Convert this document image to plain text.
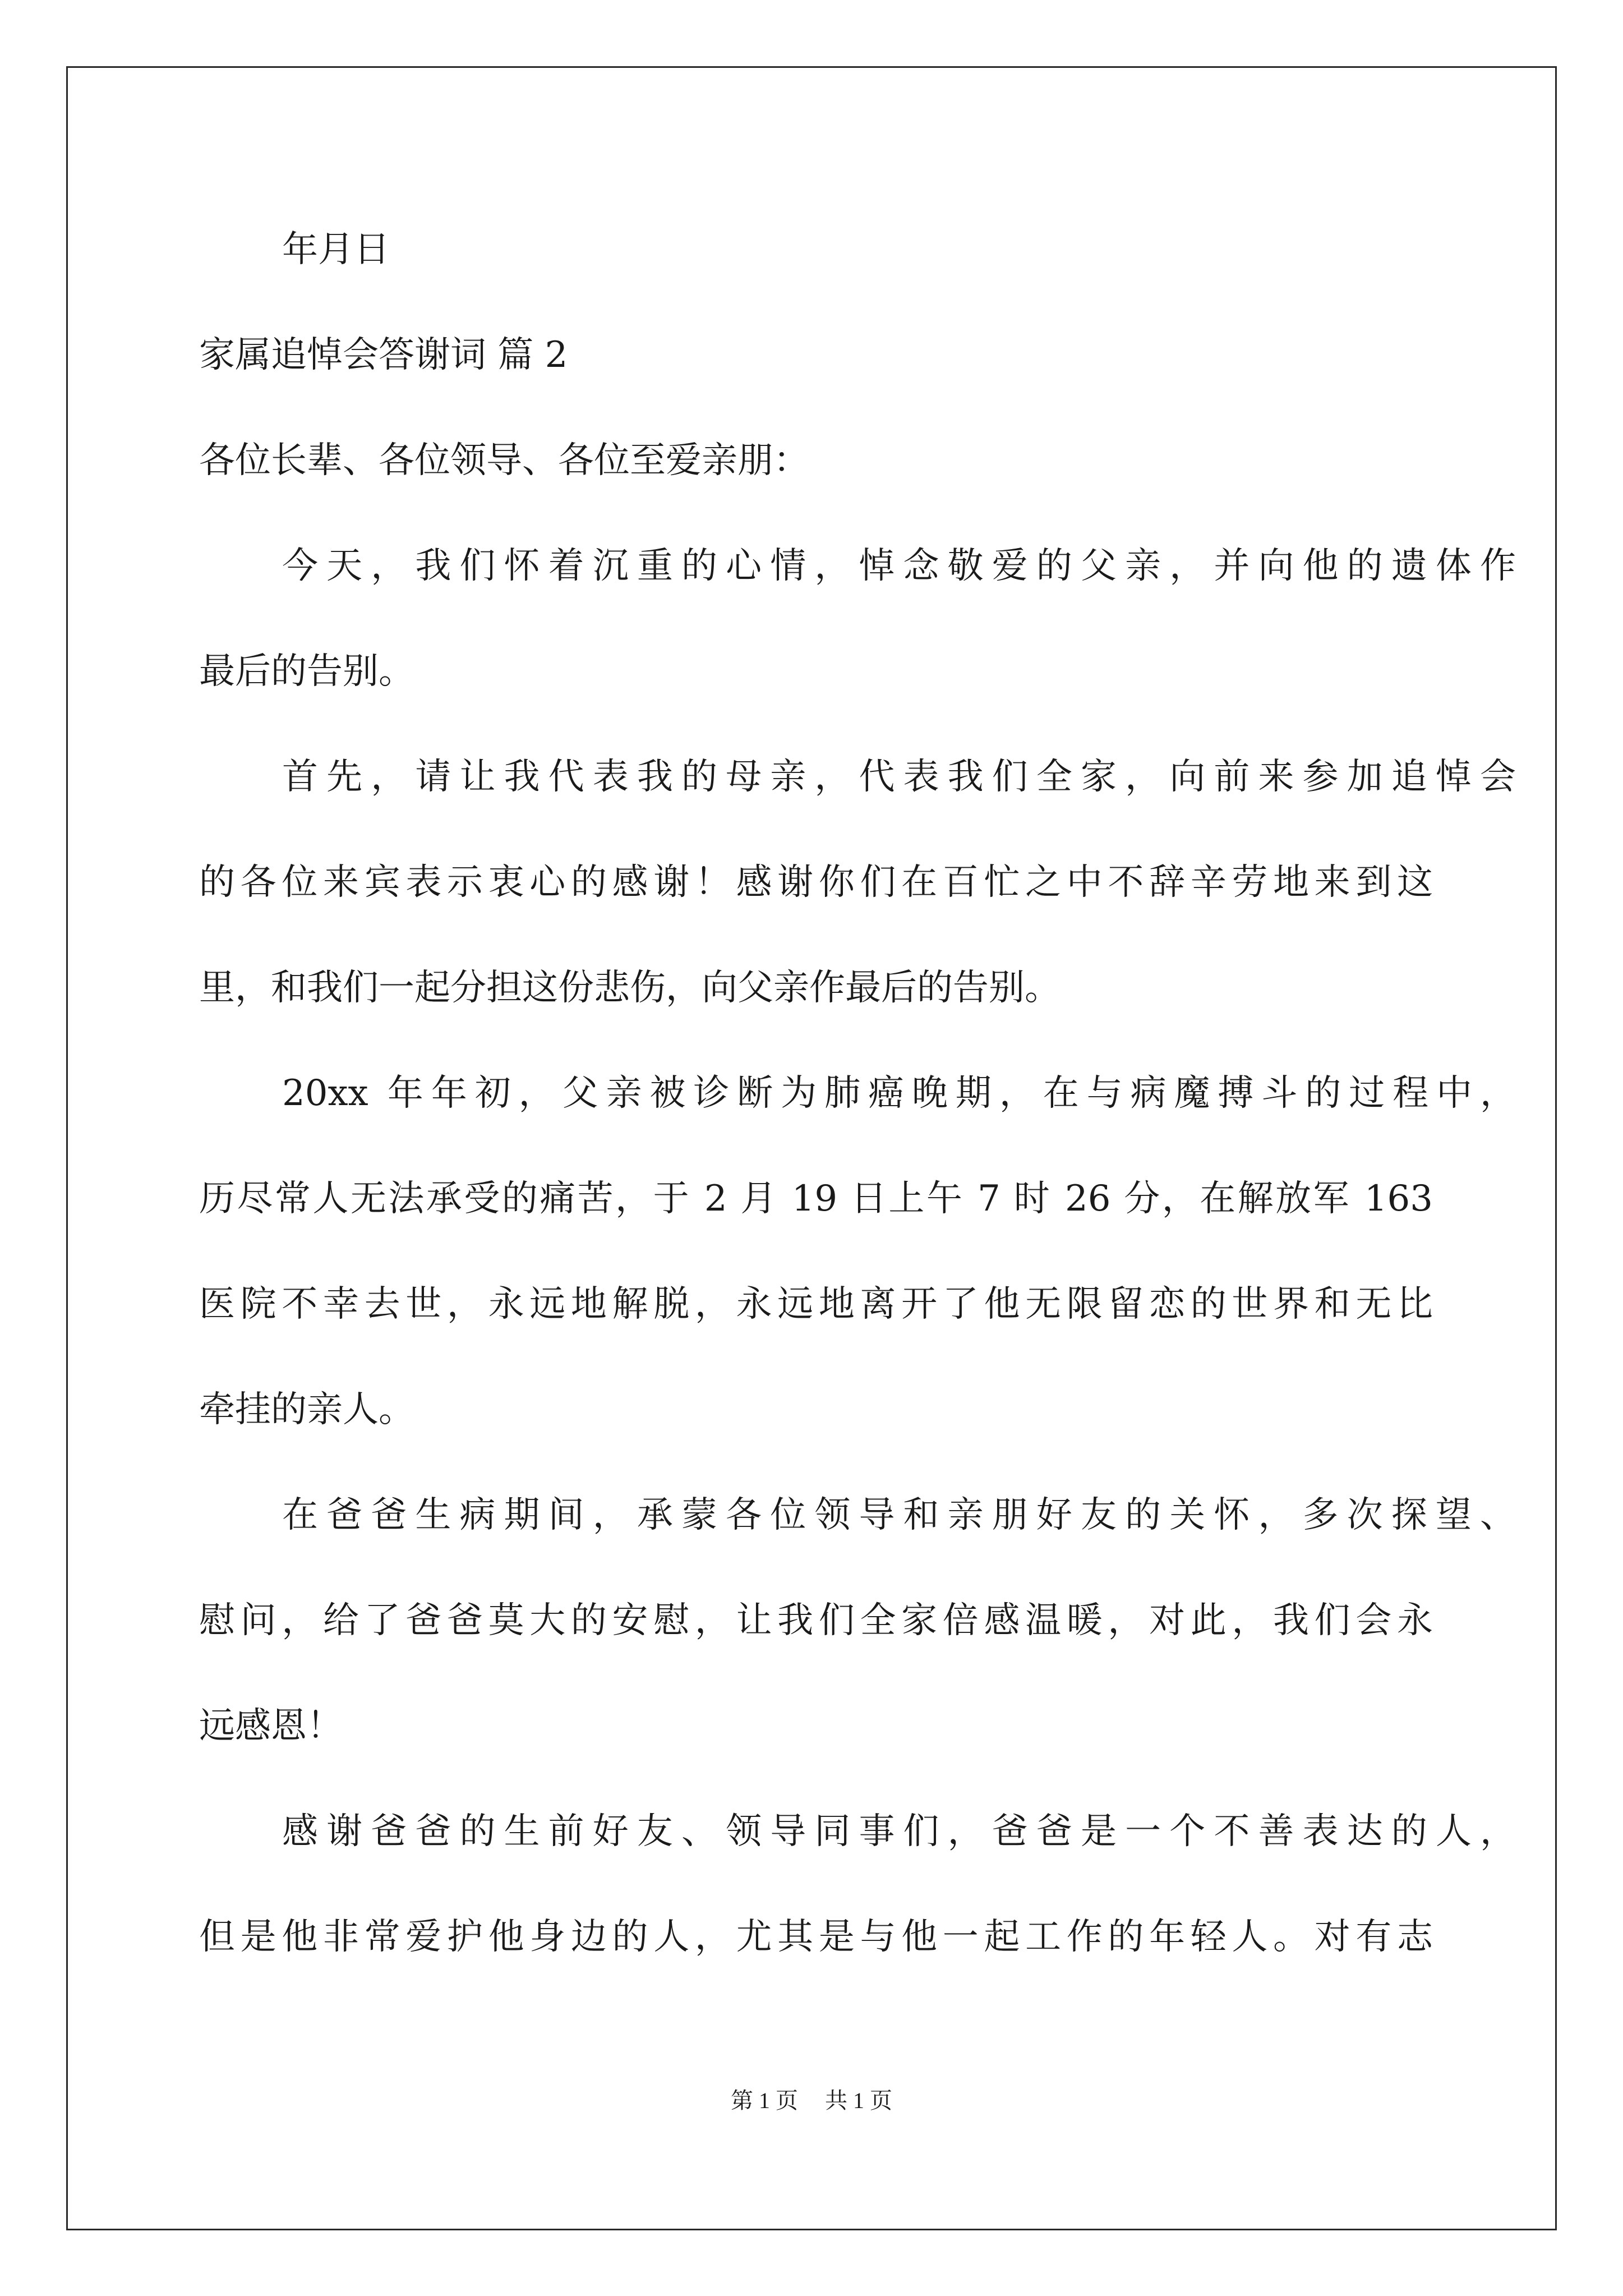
年月日

家属追悼会答谢词 篇 2

各位长辈、各位领导、各位至爱亲朋：

今天，我们怀着沉重的心情，悼念敬爱的父亲，并向他的遗体作

最后的告别。

首先，请让我代表我的母亲，代表我们全家，向前来参加追悼会

的各位来宾表示衷心的感谢！感谢你们在百忙之中不辞辛劳地来到这

里，和我们一起分担这份悲伤，向父亲作最后的告别。

20xx 年年初，父亲被诊断为肺癌晚期，在与病魔搏斗的过程中，

历尽常人无法承受的痛苦，于 2 月 19 日上午 7 时 26 分，在解放军 163

医院不幸去世，永远地解脱，永远地离开了他无限留恋的世界和无比

牵挂的亲人。

在爸爸生病期间，承蒙各位领导和亲朋好友的关怀，多次探望、

慰问，给了爸爸莫大的安慰，让我们全家倍感温暖，对此，我们会永

远感恩！

感谢爸爸的生前好友、领导同事们，爸爸是一个不善表达的人，

但是他非常爱护他身边的人，尤其是与他一起工作的年轻人。对有志

第 1 页 共 1 页
